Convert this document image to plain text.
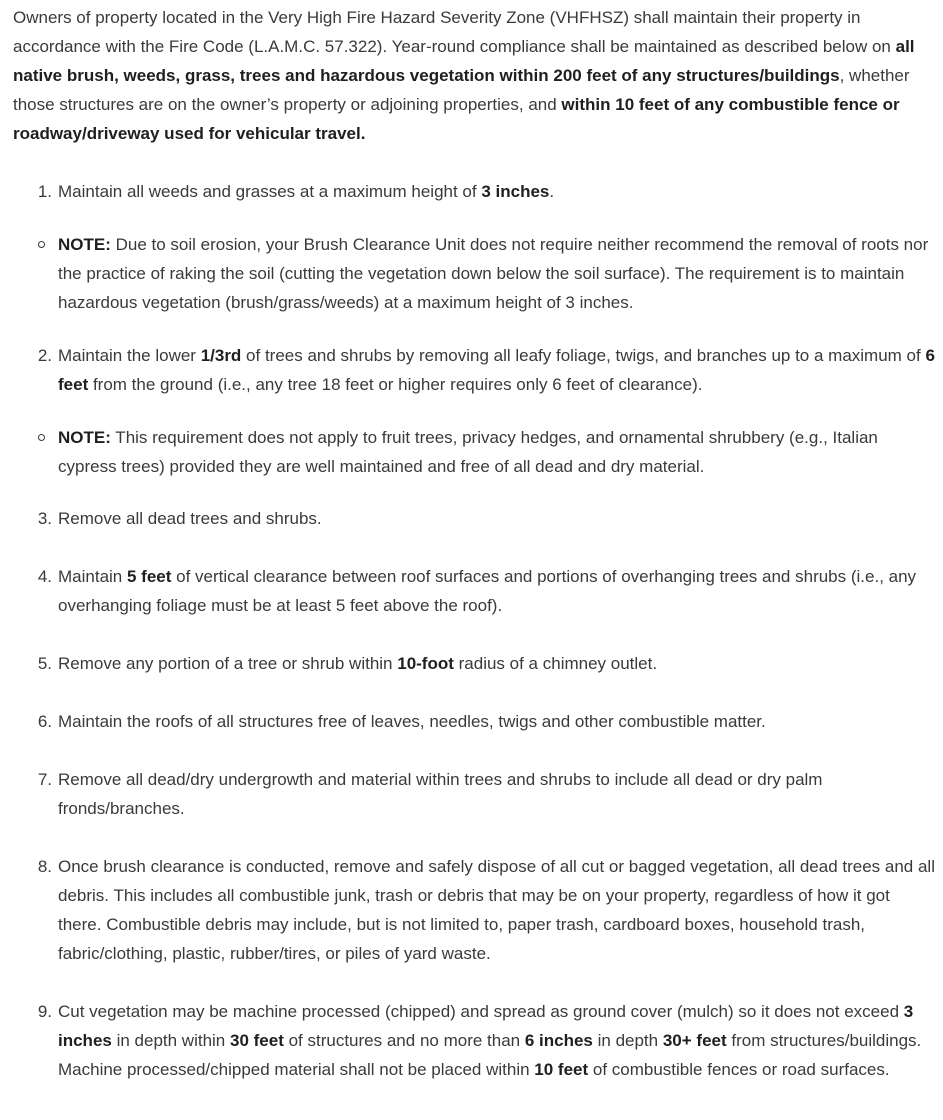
Owners of property located in the Very High Fire Hazard Severity Zone (VHFHSZ) shall maintain their property in accordance with the Fire Code (L.A.M.C. 57.322). Year-round compliance shall be maintained as described below on all native brush, weeds, grass, trees and hazardous vegetation within 200 feet of any structures/buildings, whether those structures are on the owner’s property or adjoining properties, and within 10 feet of any combustible fence or roadway/driveway used for vehicular travel.

1. Maintain all weeds and grasses at a maximum height of 3 inches.

NOTE: Due to soil erosion, your Brush Clearance Unit does not require neither recommend the removal of roots nor the practice of raking the soil (cutting the vegetation down below the soil surface). The requirement is to maintain hazardous vegetation (brush/grass/weeds) at a maximum height of 3 inches.

2. Maintain the lower 1/3rd of trees and shrubs by removing all leafy foliage, twigs, and branches up to a maximum of 6 feet from the ground (i.e., any tree 18 feet or higher requires only 6 feet of clearance).

NOTE: This requirement does not apply to fruit trees, privacy hedges, and ornamental shrubbery (e.g., Italian cypress trees) provided they are well maintained and free of all dead and dry material.

3. Remove all dead trees and shrubs.

4. Maintain 5 feet of vertical clearance between roof surfaces and portions of overhanging trees and shrubs (i.e., any overhanging foliage must be at least 5 feet above the roof).

5. Remove any portion of a tree or shrub within 10-foot radius of a chimney outlet.

6. Maintain the roofs of all structures free of leaves, needles, twigs and other combustible matter.

7. Remove all dead/dry undergrowth and material within trees and shrubs to include all dead or dry palm fronds/branches.

8. Once brush clearance is conducted, remove and safely dispose of all cut or bagged vegetation, all dead trees and all debris. This includes all combustible junk, trash or debris that may be on your property, regardless of how it got there. Combustible debris may include, but is not limited to, paper trash, cardboard boxes, household trash, fabric/clothing, plastic, rubber/tires, or piles of yard waste.

9. Cut vegetation may be machine processed (chipped) and spread as ground cover (mulch) so it does not exceed 3 inches in depth within 30 feet of structures and no more than 6 inches in depth 30+ feet from structures/buildings. Machine processed/chipped material shall not be placed within 10 feet of combustible fences or road surfaces.
